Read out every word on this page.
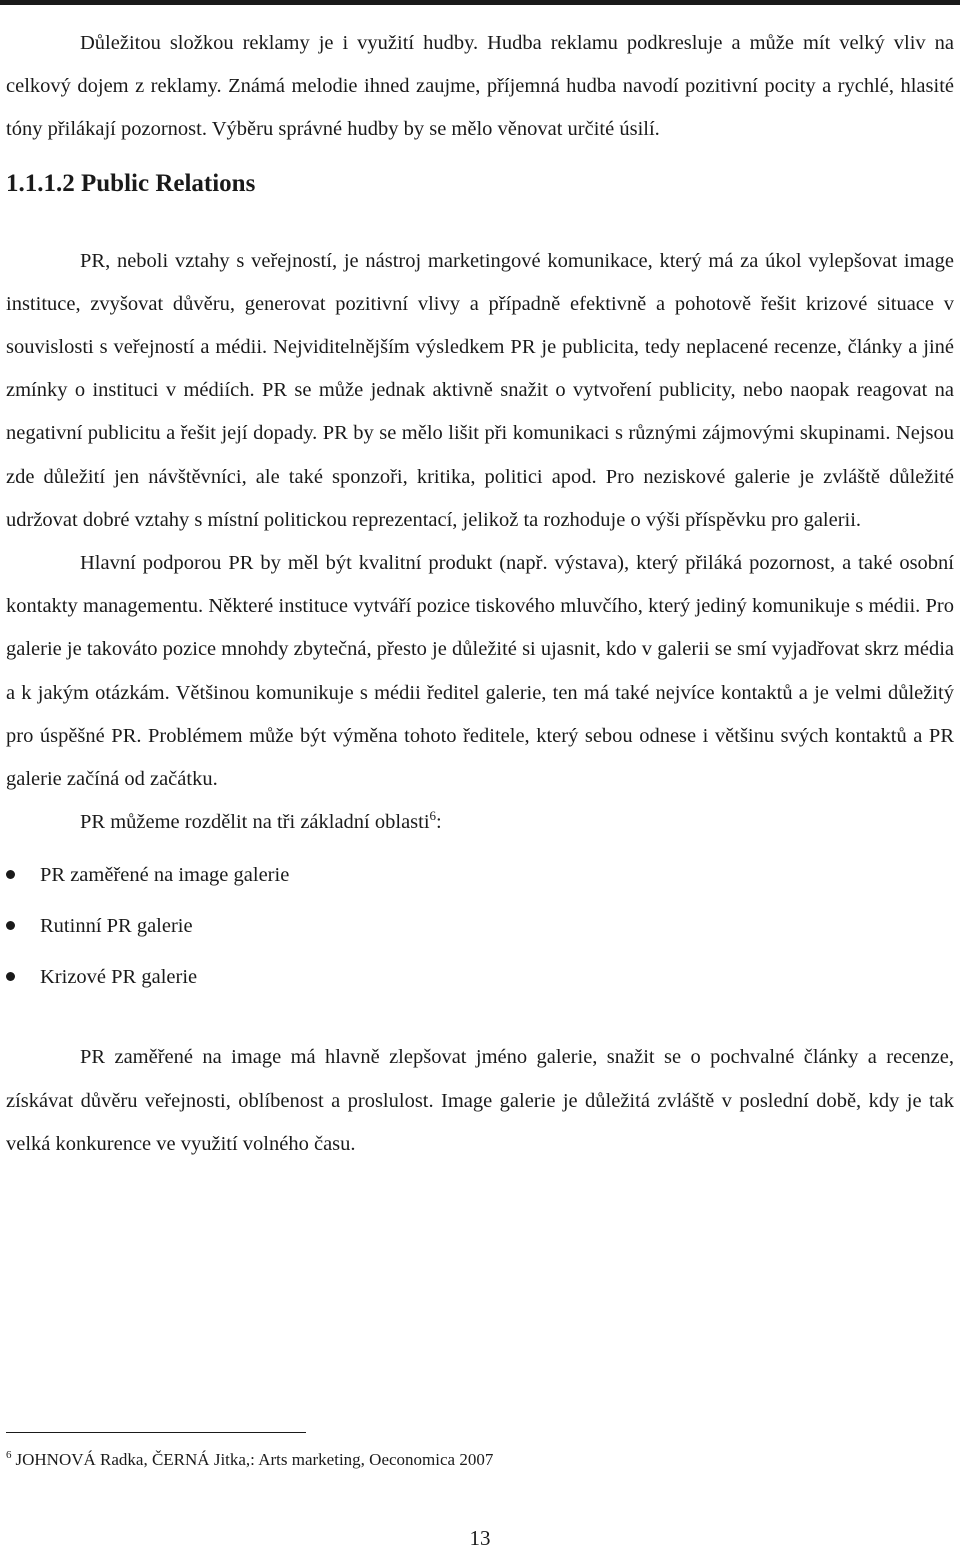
Důležitou složkou reklamy je i využití hudby. Hudba reklamu podkresluje a může mít velký vliv na celkový dojem z reklamy. Známá melodie ihned zaujme, příjemná hudba navodí pozitivní pocity a rychlé, hlasité tóny přilákají pozornost. Výběru správné hudby by se mělo věnovat určité úsilí.

1.1.1.2 Public Relations

PR, neboli vztahy s veřejností, je nástroj marketingové komunikace, který má za úkol vylepšovat image instituce, zvyšovat důvěru, generovat pozitivní vlivy a případně efektivně a pohotově řešit krizové situace v souvislosti s veřejností a médii. Nejviditelnějším výsledkem PR je publicita, tedy neplacené recenze, články a jiné zmínky o instituci v médiích. PR se může jednak aktivně snažit o vytvoření publicity, nebo naopak reagovat na negativní publicitu a řešit její dopady. PR by se mělo lišit při komunikaci s různými zájmovými skupinami. Nejsou zde důležití jen návštěvníci, ale také sponzoři, kritika, politici apod. Pro neziskové galerie je zvláště důležité udržovat dobré vztahy s místní politickou reprezentací, jelikož ta rozhoduje o výši příspěvku pro galerii.

Hlavní podporou PR by měl být kvalitní produkt (např. výstava), který přiláká pozornost, a také osobní kontakty managementu. Některé instituce vytváří pozice tiskového mluvčího, který jediný komunikuje s médii. Pro galerie je takováto pozice mnohdy zbytečná, přesto je důležité si ujasnit, kdo v galerii se smí vyjadřovat skrz média a k jakým otázkám. Většinou komunikuje s médii ředitel galerie, ten má také nejvíce kontaktů a je velmi důležitý pro úspěšné PR. Problémem může být výměna tohoto ředitele, který sebou odnese i většinu svých kontaktů a PR galerie začíná od začátku.

PR můžeme rozdělit na tři základní oblasti$^6$:

PR zaměřené na image galerie
Rutinní PR galerie
Krizové PR galerie

PR zaměřené na image má hlavně zlepšovat jméno galerie, snažit se o pochvalné články a recenze, získávat důvěru veřejnosti, oblíbenost a proslulost. Image galerie je důležitá zvláště v poslední době, kdy je tak velká konkurence ve využití volného času.

$^6$ JOHNOVÁ Radka, ČERNÁ Jitka,: Arts marketing, Oeconomica 2007
13
